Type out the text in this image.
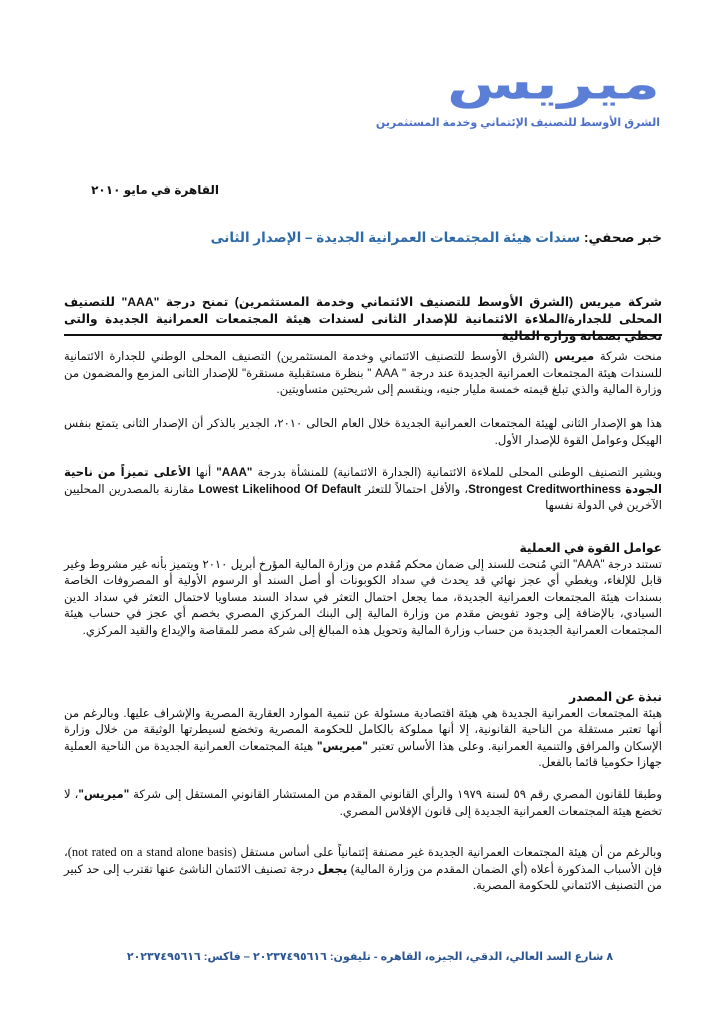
ميريس
الشرق الأوسط للتصنيف الإئتماني وخدمة المستثمرين
القاهرة في مايو ٢٠١٠
خبر صحفي: سندات هيئة المجتمعات العمرانية الجديدة – الإصدار الثانى
شركة ميريس (الشرق الأوسط للتصنيف الائتماني وخدمة المستثمرين) تمنح درجة "AAA" للتصنيف المحلى للجدارة/الملاءة الائتمانية للإصدار الثانى لسندات هيئة المجتمعات العمرانية الجديدة والتى تحظي بضمانة وزارة المالية
منحت شركة ميريس (الشرق الأوسط للتصنيف الائتماني وخدمة المستثمرين) التصنيف المحلى الوطني للجدارة الائتمانية للسندات هيئة المجتمعات العمرانية الجديدة عند درجة " AAA " بنظرة مستقبلية مستقرة" للإصدار الثانى المزمع والمضمون من وزارة المالية والذي تبلغ قيمته خمسة مليار جنيه، وينقسم إلى شريحتين متساويتين.
هذا هو الإصدار الثانى لهيئة المجتمعات العمرانية الجديدة خلال العام الحالى ٢٠١٠، الجدير بالذكر أن الإصدار الثانى يتمتع بنفس الهيكل وعوامل القوة للإصدار الأول.
ويشير التصنيف الوطنى المحلى للملاءة الائتمانية (الجدارة الائتمانية) للمنشأة بدرجة "AAA" أنها الأعلى تميزاً من ناحية الجودة Strongest Creditworthiness، والأقل احتمالاً للتعثر Lowest Likelihood Of Default مقارنة بالمصدرين المحليين الآخرين في الدولة نفسها
عوامل القوة في العملية
تستند درجة "AAA" التي مُنحت للسند إلى ضمان محكم مُقدم من وزارة المالية المؤرخ أبريل ٢٠١٠ ويتميز بأنه غير مشروط وغير قابل للإلغاء، ويغطي أي عجز نهائي قد يحدث في سداد الكوبونات أو أصل السند أو الرسوم الأولية أو المصروفات الخاصة بسندات هيئة المجتمعات العمرانية الجديدة، مما يجعل احتمال التعثر في سداد السند مساويا لاحتمال التعثر في سداد الدين السيادي، بالإضافة إلى وجود تفويض مقدم من وزارة المالية إلى البنك المركزي المصري بخصم أي عجز في حساب هيئة المجتمعات العمرانية الجديدة من حساب وزارة المالية وتحويل هذه المبالغ إلى شركة مصر للمقاصة والإيداع والقيد المركزي.
نبذة عن المصدر
هيئة المجتمعات العمرانية الجديدة هي هيئة اقتصادية مسئولة عن تنمية الموارد العقارية المصرية والإشراف عليها. وبالرغم من أنها تعتبر مستقلة من الناحية القانونية، إلا أنها مملوكة بالكامل للحكومة المصرية وتخضع لسيطرتها الوثيقة من خلال وزارة الإسكان والمرافق والتنمية العمرانية. وعلى هذا الأساس تعتبر "ميريس" هيئة المجتمعات العمرانية الجديدة من الناحية العملية جهازا حكوميا قائما بالفعل.
وطبقا للقانون المصري رقم ٥٩ لسنة ١٩٧٩ والرأي القانوني المقدم من المستشار القانوني المستقل إلى شركة "ميريس"، لا تخضع هيئة المجتمعات العمرانية الجديدة إلى قانون الإفلاس المصري.
وبالرغم من أن هيئة المجتمعات العمرانية الجديدة غير مصنفة إئتمانياً على أساس مستقل (not rated on a stand alone basis)، فإن الأسباب المذكورة أعلاه (أي الضمان المقدم من وزارة المالية) يجعل درجة تصنيف الائتمان الناشئ عنها تقترب إلى حد كبير من التصنيف الائتماني للحكومة المصرية.
٨ شارع السد العالي، الدقي، الجيزه، القاهره - تليفون: ٢٠٢٣٧٤٩٥٦١٦ – فاكس: ٢٠٢٣٧٤٩٥٦١٦
